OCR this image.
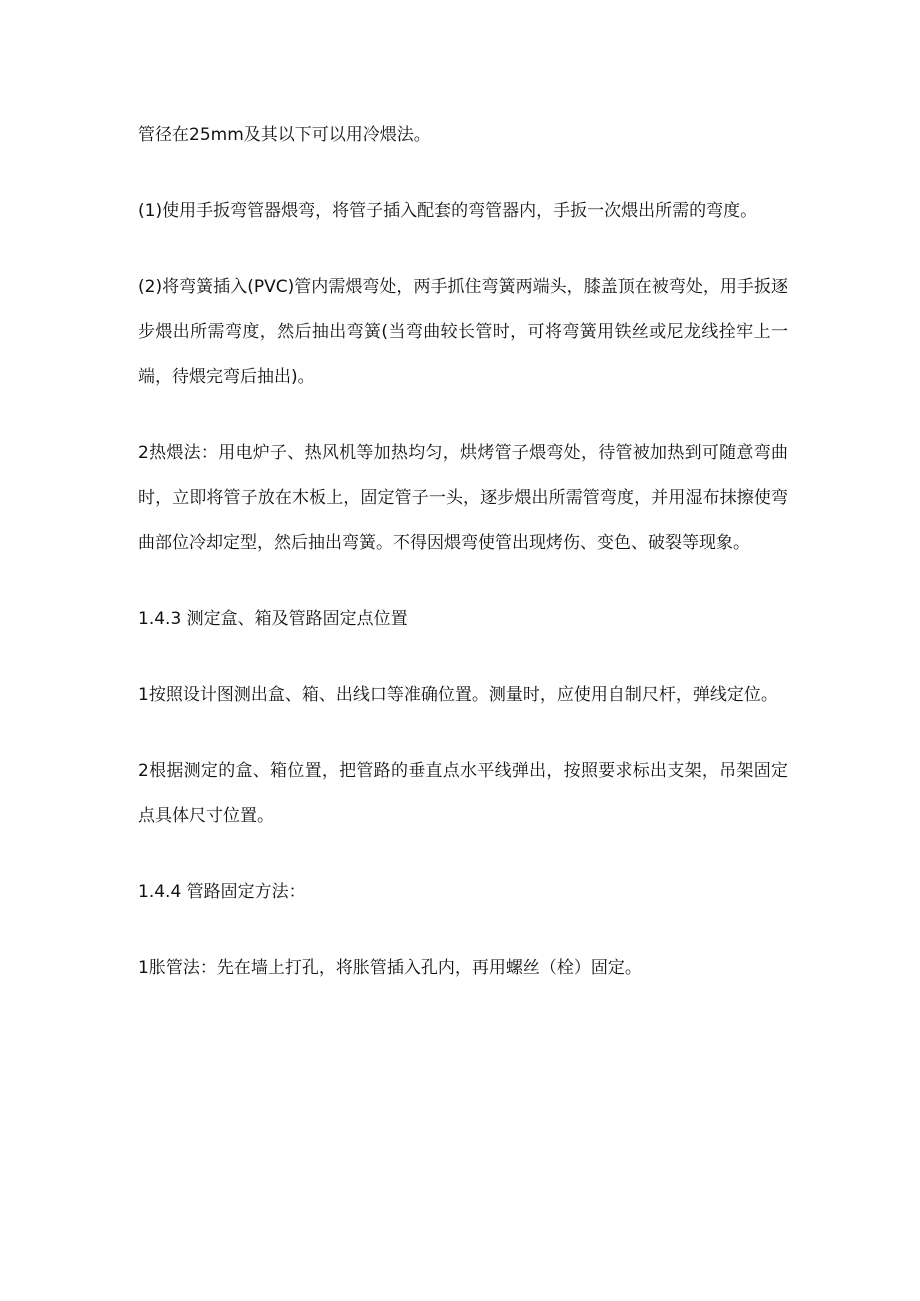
管径在25mm及其以下可以用冷煨法。

(1)使用手扳弯管器煨弯，将管子插入配套的弯管器内，手扳一次煨出所需的弯度。

(2)将弯簧插入(PVC)管内需煨弯处，两手抓住弯簧两端头，膝盖顶在被弯处，用手扳逐步煨出所需弯度，然后抽出弯簧(当弯曲较长管时，可将弯簧用铁丝或尼龙线拴牢上一端，待煨完弯后抽出)。

2热煨法：用电炉子、热风机等加热均匀，烘烤管子煨弯处，待管被加热到可随意弯曲时，立即将管子放在木板上，固定管子一头，逐步煨出所需管弯度，并用湿布抹擦使弯曲部位冷却定型，然后抽出弯簧。不得因煨弯使管出现烤伤、变色、破裂等现象。

1.4.3 测定盒、箱及管路固定点位置

1按照设计图测出盒、箱、出线口等准确位置。测量时，应使用自制尺杆，弹线定位。

2根据测定的盒、箱位置，把管路的垂直点水平线弹出，按照要求标出支架，吊架固定点具体尺寸位置。

1.4.4 管路固定方法：

1胀管法：先在墙上打孔，将胀管插入孔内，再用螺丝（栓）固定。
